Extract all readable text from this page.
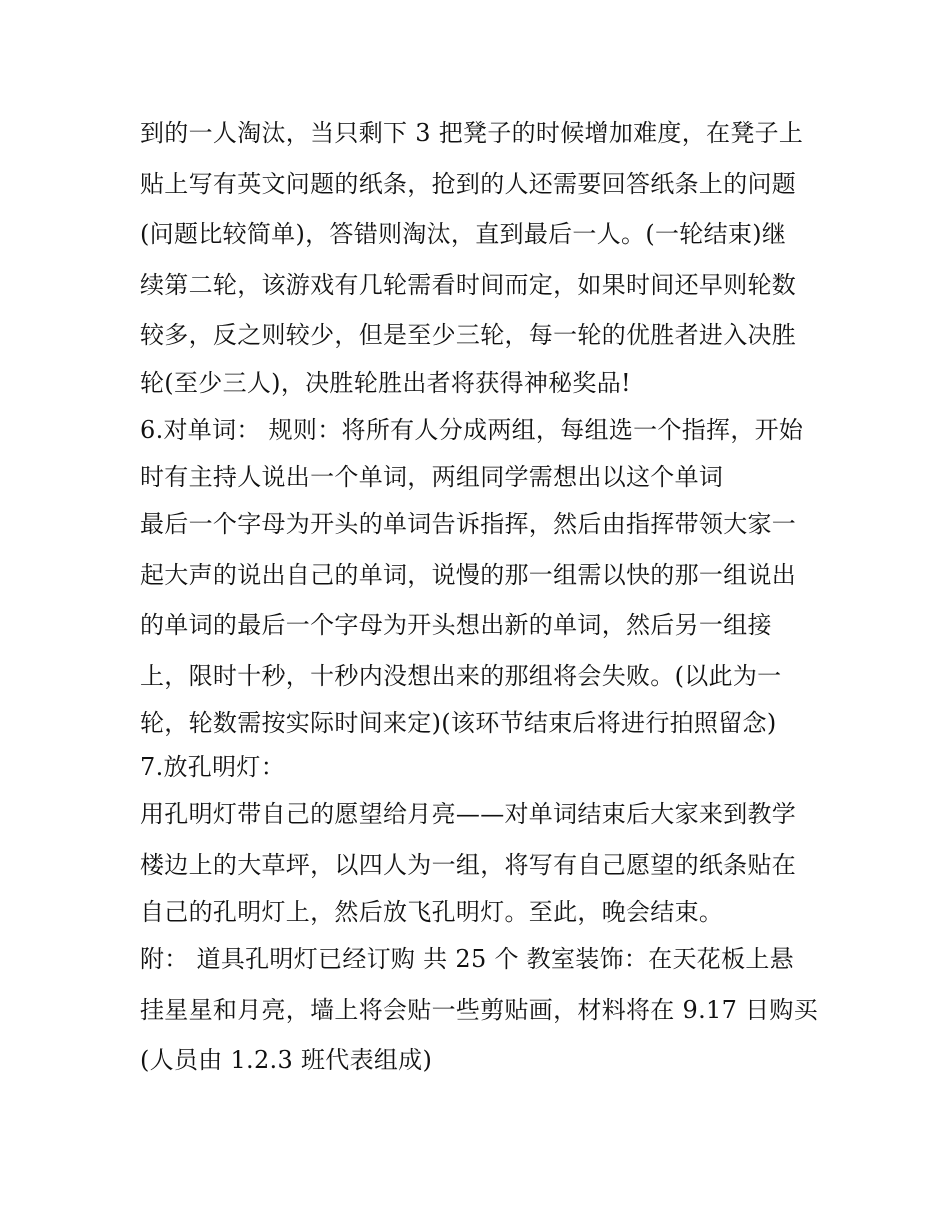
到的一人淘汰，当只剩下 3 把凳子的时候增加难度，在凳子上
贴上写有英文问题的纸条，抢到的人还需要回答纸条上的问题
(问题比较简单)，答错则淘汰，直到最后一人。(一轮结束)继
续第二轮，该游戏有几轮需看时间而定，如果时间还早则轮数
较多，反之则较少，但是至少三轮，每一轮的优胜者进入决胜
轮(至少三人)，决胜轮胜出者将获得神秘奖品!
6.对单词： 规则：将所有人分成两组，每组选一个指挥，开始
时有主持人说出一个单词，两组同学需想出以这个单词
最后一个字母为开头的单词告诉指挥，然后由指挥带领大家一
起大声的说出自己的单词，说慢的那一组需以快的那一组说出
的单词的最后一个字母为开头想出新的单词，然后另一组接
上，限时十秒，十秒内没想出来的那组将会失败。(以此为一
轮，轮数需按实际时间来定)(该环节结束后将进行拍照留念)
7.放孔明灯：
用孔明灯带自己的愿望给月亮——对单词结束后大家来到教学
楼边上的大草坪，以四人为一组，将写有自己愿望的纸条贴在
自己的孔明灯上，然后放飞孔明灯。至此，晚会结束。
附： 道具孔明灯已经订购 共 25 个 教室装饰：在天花板上悬
挂星星和月亮，墙上将会贴一些剪贴画，材料将在 9.17 日购买
(人员由 1.2.3 班代表组成)
